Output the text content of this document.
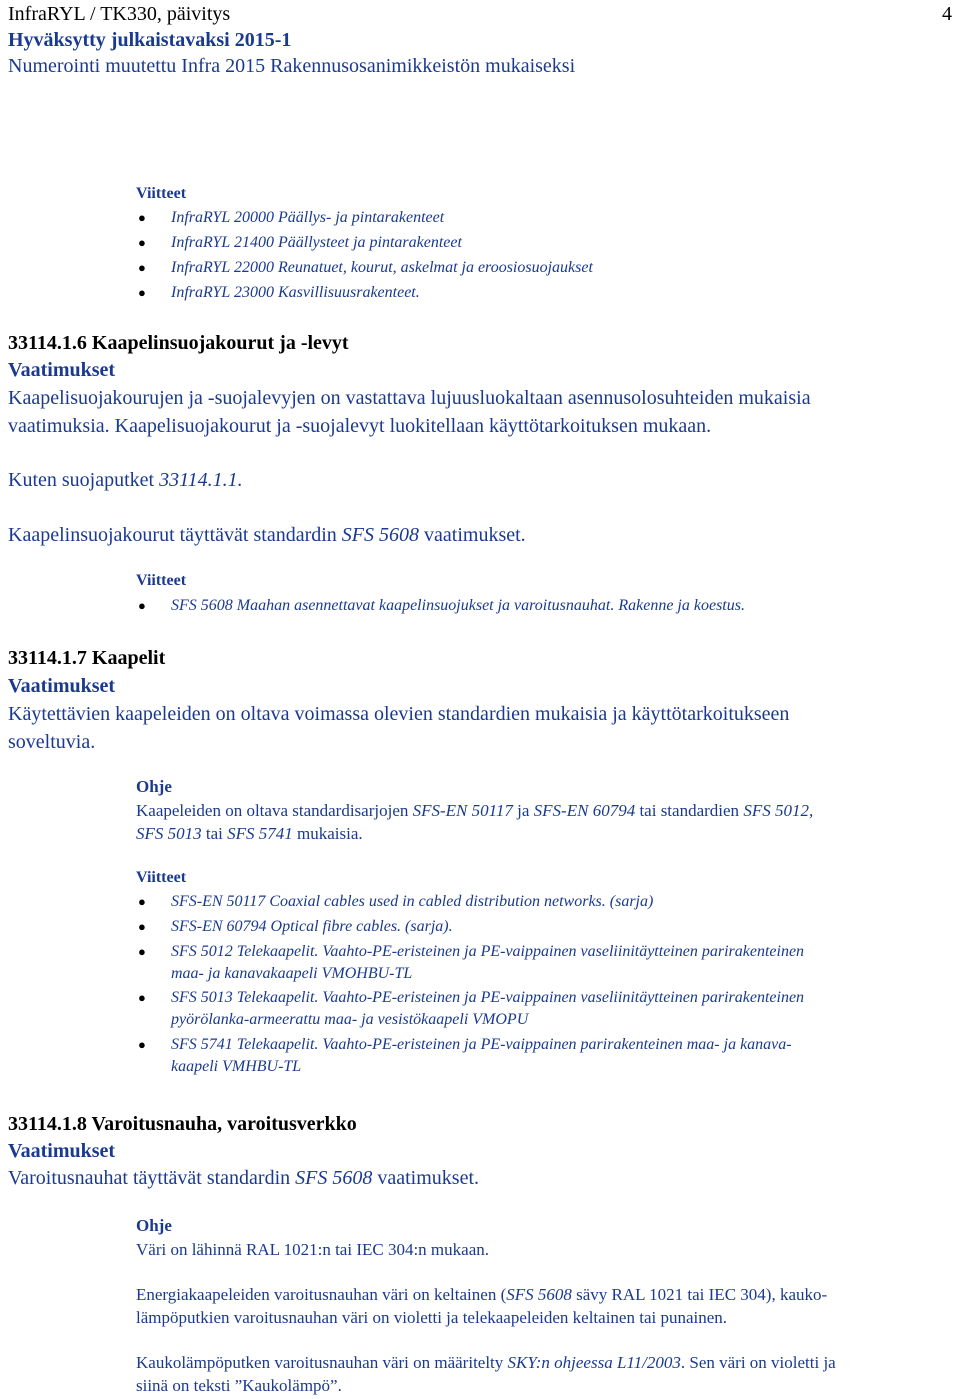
InfraRYL / TK330, päivitys
Hyväksytty julkaistavaksi 2015-1
Numerointi muutettu Infra 2015 Rakennusosanimikkeistön mukaiseksi
4
Viitteet
● InfraRYL 20000 Päällys- ja pintarakenteet
● InfraRYL 21400 Päällysteet ja pintarakenteet
● InfraRYL 22000 Reunatuet, kourut, askelmat ja eroosiosuojaukset
● InfraRYL 23000 Kasvillisuusrakenteet.
33114.1.6 Kaapelinsuojakourut ja -levyt
Vaatimukset
Kaapelisuojakourujen ja -suojalevyjen on vastattava lujuusluokaltaan asennusolosuhteiden mukaisia
vaatimuksia. Kaapelisuojakourut ja -suojalevyt luokitellaan käyttötarkoituksen mukaan.
Kuten suojaputket 33114.1.1.
Kaapelinsuojakourut täyttävät standardin SFS 5608 vaatimukset.
Viitteet
● SFS 5608 Maahan asennettavat kaapelinsuojukset ja varoitusnauhat. Rakenne ja koestus.
33114.1.7 Kaapelit
Vaatimukset
Käytettävien kaapeleiden on oltava voimassa olevien standardien mukaisia ja käyttötarkoitukseen
soveltuvia.
Ohje
Kaapeleiden on oltava standardisarjojen SFS-EN 50117 ja SFS-EN 60794 tai standardien SFS 5012,
SFS 5013 tai SFS 5741 mukaisia.
Viitteet
● SFS-EN 50117 Coaxial cables used in cabled distribution networks. (sarja)
● SFS-EN 60794 Optical fibre cables. (sarja).
● SFS 5012 Telekaapelit. Vaahto-PE-eristeinen ja PE-vaippainen vaseliinitäytteinen parirakenteinen
maa- ja kanavakaapeli VMOHBU-TL
● SFS 5013 Telekaapelit. Vaahto-PE-eristeinen ja PE-vaippainen vaseliinitäytteinen parirakenteinen
pyörölanka-armeerattu maa- ja vesistökaapeli VMOPU
● SFS 5741 Telekaapelit. Vaahto-PE-eristeinen ja PE-vaippainen parirakenteinen maa- ja kanava-
kaapeli VMHBU-TL
33114.1.8 Varoitusnauha, varoitusverkko
Vaatimukset
Varoitusnauhat täyttävät standardin SFS 5608 vaatimukset.
Ohje
Väri on lähinnä RAL 1021:n tai IEC 304:n mukaan.
Energiakaapeleiden varoitusnauhan väri on keltainen (SFS 5608 sävy RAL 1021 tai IEC 304), kauko-
lämpöputkien varoitusnauhan väri on violetti ja telekaapeleiden keltainen tai punainen.
Kaukolämpöputken varoitusnauhan väri on määritelty SKY:n ohjeessa L11/2003. Sen väri on violetti ja
siinä on teksti ”Kaukolämpö”.
